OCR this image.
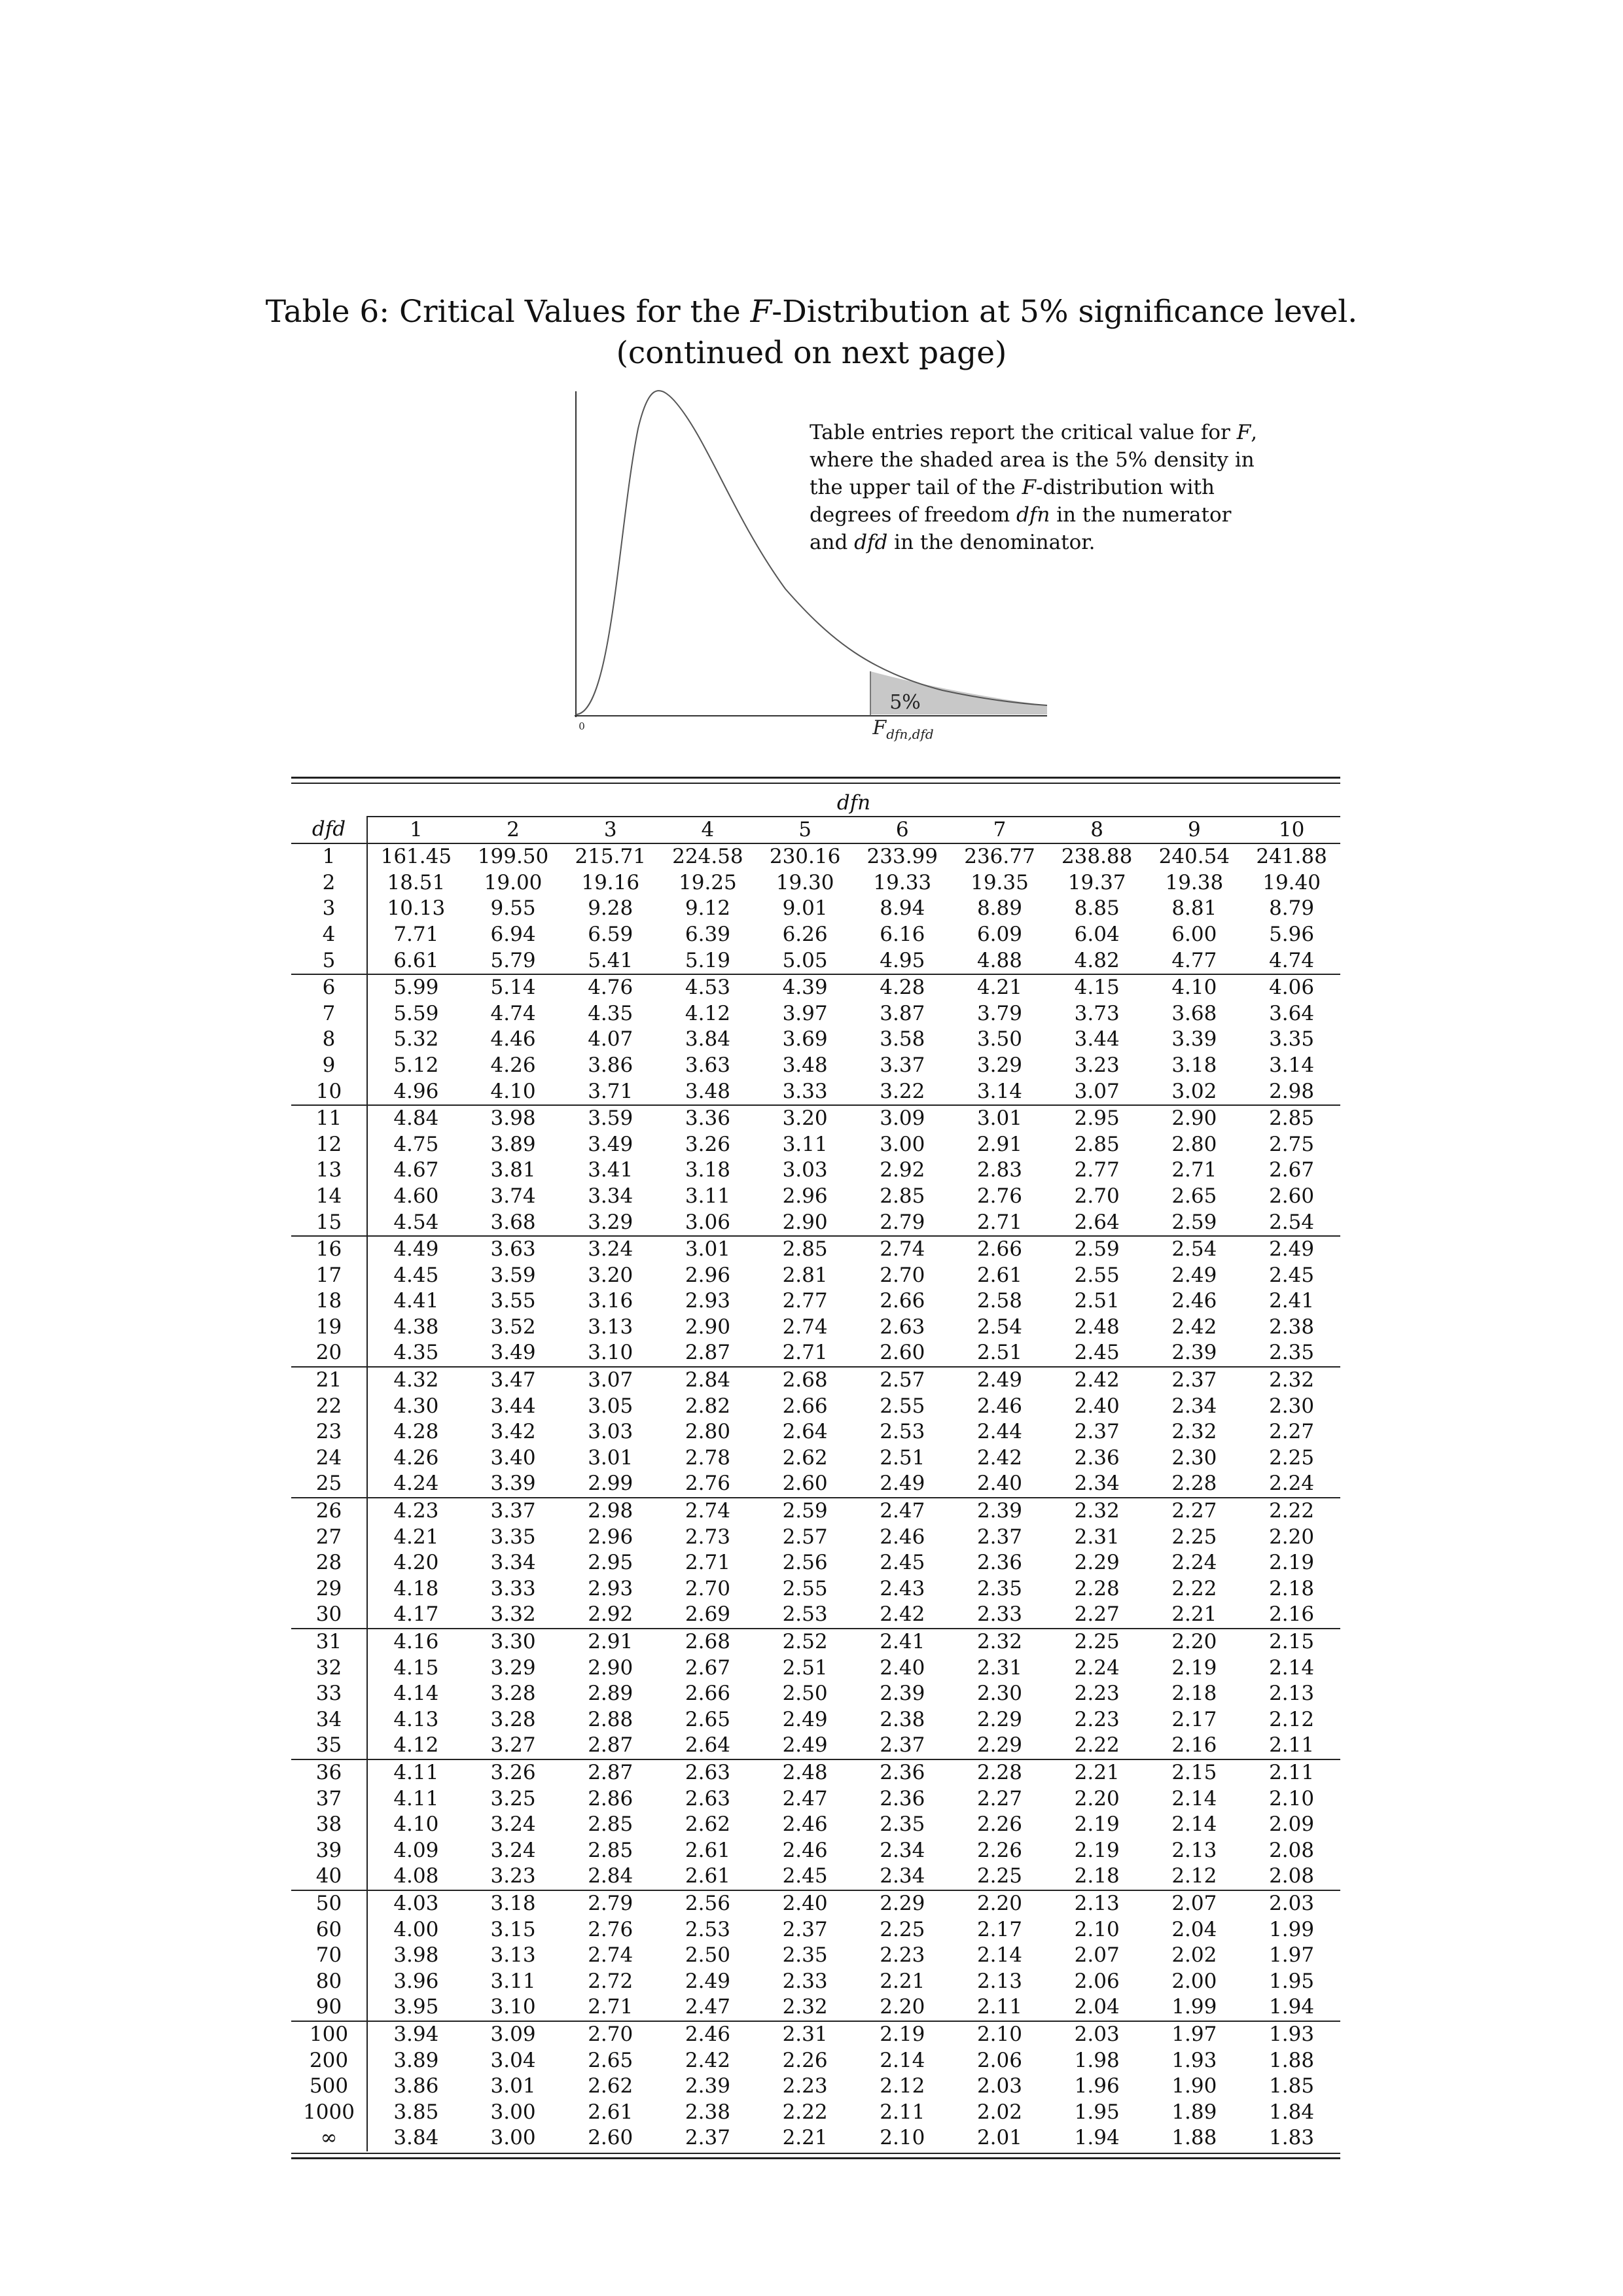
Table 6: Critical Values for the F-Distribution at 5% significance level.
(continued on next page)
5%
0	$F_{dfn,dfd}$
Table entries report the critical value for F, where the shaded area is the 5% density in the upper tail of the F-distribution with degrees of freedom dfn in the numerator and dfd in the denominator.
	dfn									
dfd	1	2	3	4	5	6	7	8	9	10
1	161.45	199.50	215.71	224.58	230.16	233.99	236.77	238.88	240.54	241.88
2	18.51	19.00	19.16	19.25	19.30	19.33	19.35	19.37	19.38	19.40
3	10.13	9.55	9.28	9.12	9.01	8.94	8.89	8.85	8.81	8.79
4	7.71	6.94	6.59	6.39	6.26	6.16	6.09	6.04	6.00	5.96
5	6.61	5.79	5.41	5.19	5.05	4.95	4.88	4.82	4.77	4.74
6	5.99	5.14	4.76	4.53	4.39	4.28	4.21	4.15	4.10	4.06
7	5.59	4.74	4.35	4.12	3.97	3.87	3.79	3.73	3.68	3.64
8	5.32	4.46	4.07	3.84	3.69	3.58	3.50	3.44	3.39	3.35
9	5.12	4.26	3.86	3.63	3.48	3.37	3.29	3.23	3.18	3.14
10	4.96	4.10	3.71	3.48	3.33	3.22	3.14	3.07	3.02	2.98
11	4.84	3.98	3.59	3.36	3.20	3.09	3.01	2.95	2.90	2.85
12	4.75	3.89	3.49	3.26	3.11	3.00	2.91	2.85	2.80	2.75
13	4.67	3.81	3.41	3.18	3.03	2.92	2.83	2.77	2.71	2.67
14	4.60	3.74	3.34	3.11	2.96	2.85	2.76	2.70	2.65	2.60
15	4.54	3.68	3.29	3.06	2.90	2.79	2.71	2.64	2.59	2.54
16	4.49	3.63	3.24	3.01	2.85	2.74	2.66	2.59	2.54	2.49
17	4.45	3.59	3.20	2.96	2.81	2.70	2.61	2.55	2.49	2.45
18	4.41	3.55	3.16	2.93	2.77	2.66	2.58	2.51	2.46	2.41
19	4.38	3.52	3.13	2.90	2.74	2.63	2.54	2.48	2.42	2.38
20	4.35	3.49	3.10	2.87	2.71	2.60	2.51	2.45	2.39	2.35
21	4.32	3.47	3.07	2.84	2.68	2.57	2.49	2.42	2.37	2.32
22	4.30	3.44	3.05	2.82	2.66	2.55	2.46	2.40	2.34	2.30
23	4.28	3.42	3.03	2.80	2.64	2.53	2.44	2.37	2.32	2.27
24	4.26	3.40	3.01	2.78	2.62	2.51	2.42	2.36	2.30	2.25
25	4.24	3.39	2.99	2.76	2.60	2.49	2.40	2.34	2.28	2.24
26	4.23	3.37	2.98	2.74	2.59	2.47	2.39	2.32	2.27	2.22
27	4.21	3.35	2.96	2.73	2.57	2.46	2.37	2.31	2.25	2.20
28	4.20	3.34	2.95	2.71	2.56	2.45	2.36	2.29	2.24	2.19
29	4.18	3.33	2.93	2.70	2.55	2.43	2.35	2.28	2.22	2.18
30	4.17	3.32	2.92	2.69	2.53	2.42	2.33	2.27	2.21	2.16
31	4.16	3.30	2.91	2.68	2.52	2.41	2.32	2.25	2.20	2.15
32	4.15	3.29	2.90	2.67	2.51	2.40	2.31	2.24	2.19	2.14
33	4.14	3.28	2.89	2.66	2.50	2.39	2.30	2.23	2.18	2.13
34	4.13	3.28	2.88	2.65	2.49	2.38	2.29	2.23	2.17	2.12
35	4.12	3.27	2.87	2.64	2.49	2.37	2.29	2.22	2.16	2.11
36	4.11	3.26	2.87	2.63	2.48	2.36	2.28	2.21	2.15	2.11
37	4.11	3.25	2.86	2.63	2.47	2.36	2.27	2.20	2.14	2.10
38	4.10	3.24	2.85	2.62	2.46	2.35	2.26	2.19	2.14	2.09
39	4.09	3.24	2.85	2.61	2.46	2.34	2.26	2.19	2.13	2.08
40	4.08	3.23	2.84	2.61	2.45	2.34	2.25	2.18	2.12	2.08
50	4.03	3.18	2.79	2.56	2.40	2.29	2.20	2.13	2.07	2.03
60	4.00	3.15	2.76	2.53	2.37	2.25	2.17	2.10	2.04	1.99
70	3.98	3.13	2.74	2.50	2.35	2.23	2.14	2.07	2.02	1.97
80	3.96	3.11	2.72	2.49	2.33	2.21	2.13	2.06	2.00	1.95
90	3.95	3.10	2.71	2.47	2.32	2.20	2.11	2.04	1.99	1.94
100	3.94	3.09	2.70	2.46	2.31	2.19	2.10	2.03	1.97	1.93
200	3.89	3.04	2.65	2.42	2.26	2.14	2.06	1.98	1.93	1.88
500	3.86	3.01	2.62	2.39	2.23	2.12	2.03	1.96	1.90	1.85
1000	3.85	3.00	2.61	2.38	2.22	2.11	2.02	1.95	1.89	1.84
∞	3.84	3.00	2.60	2.37	2.21	2.10	2.01	1.94	1.88	1.83
